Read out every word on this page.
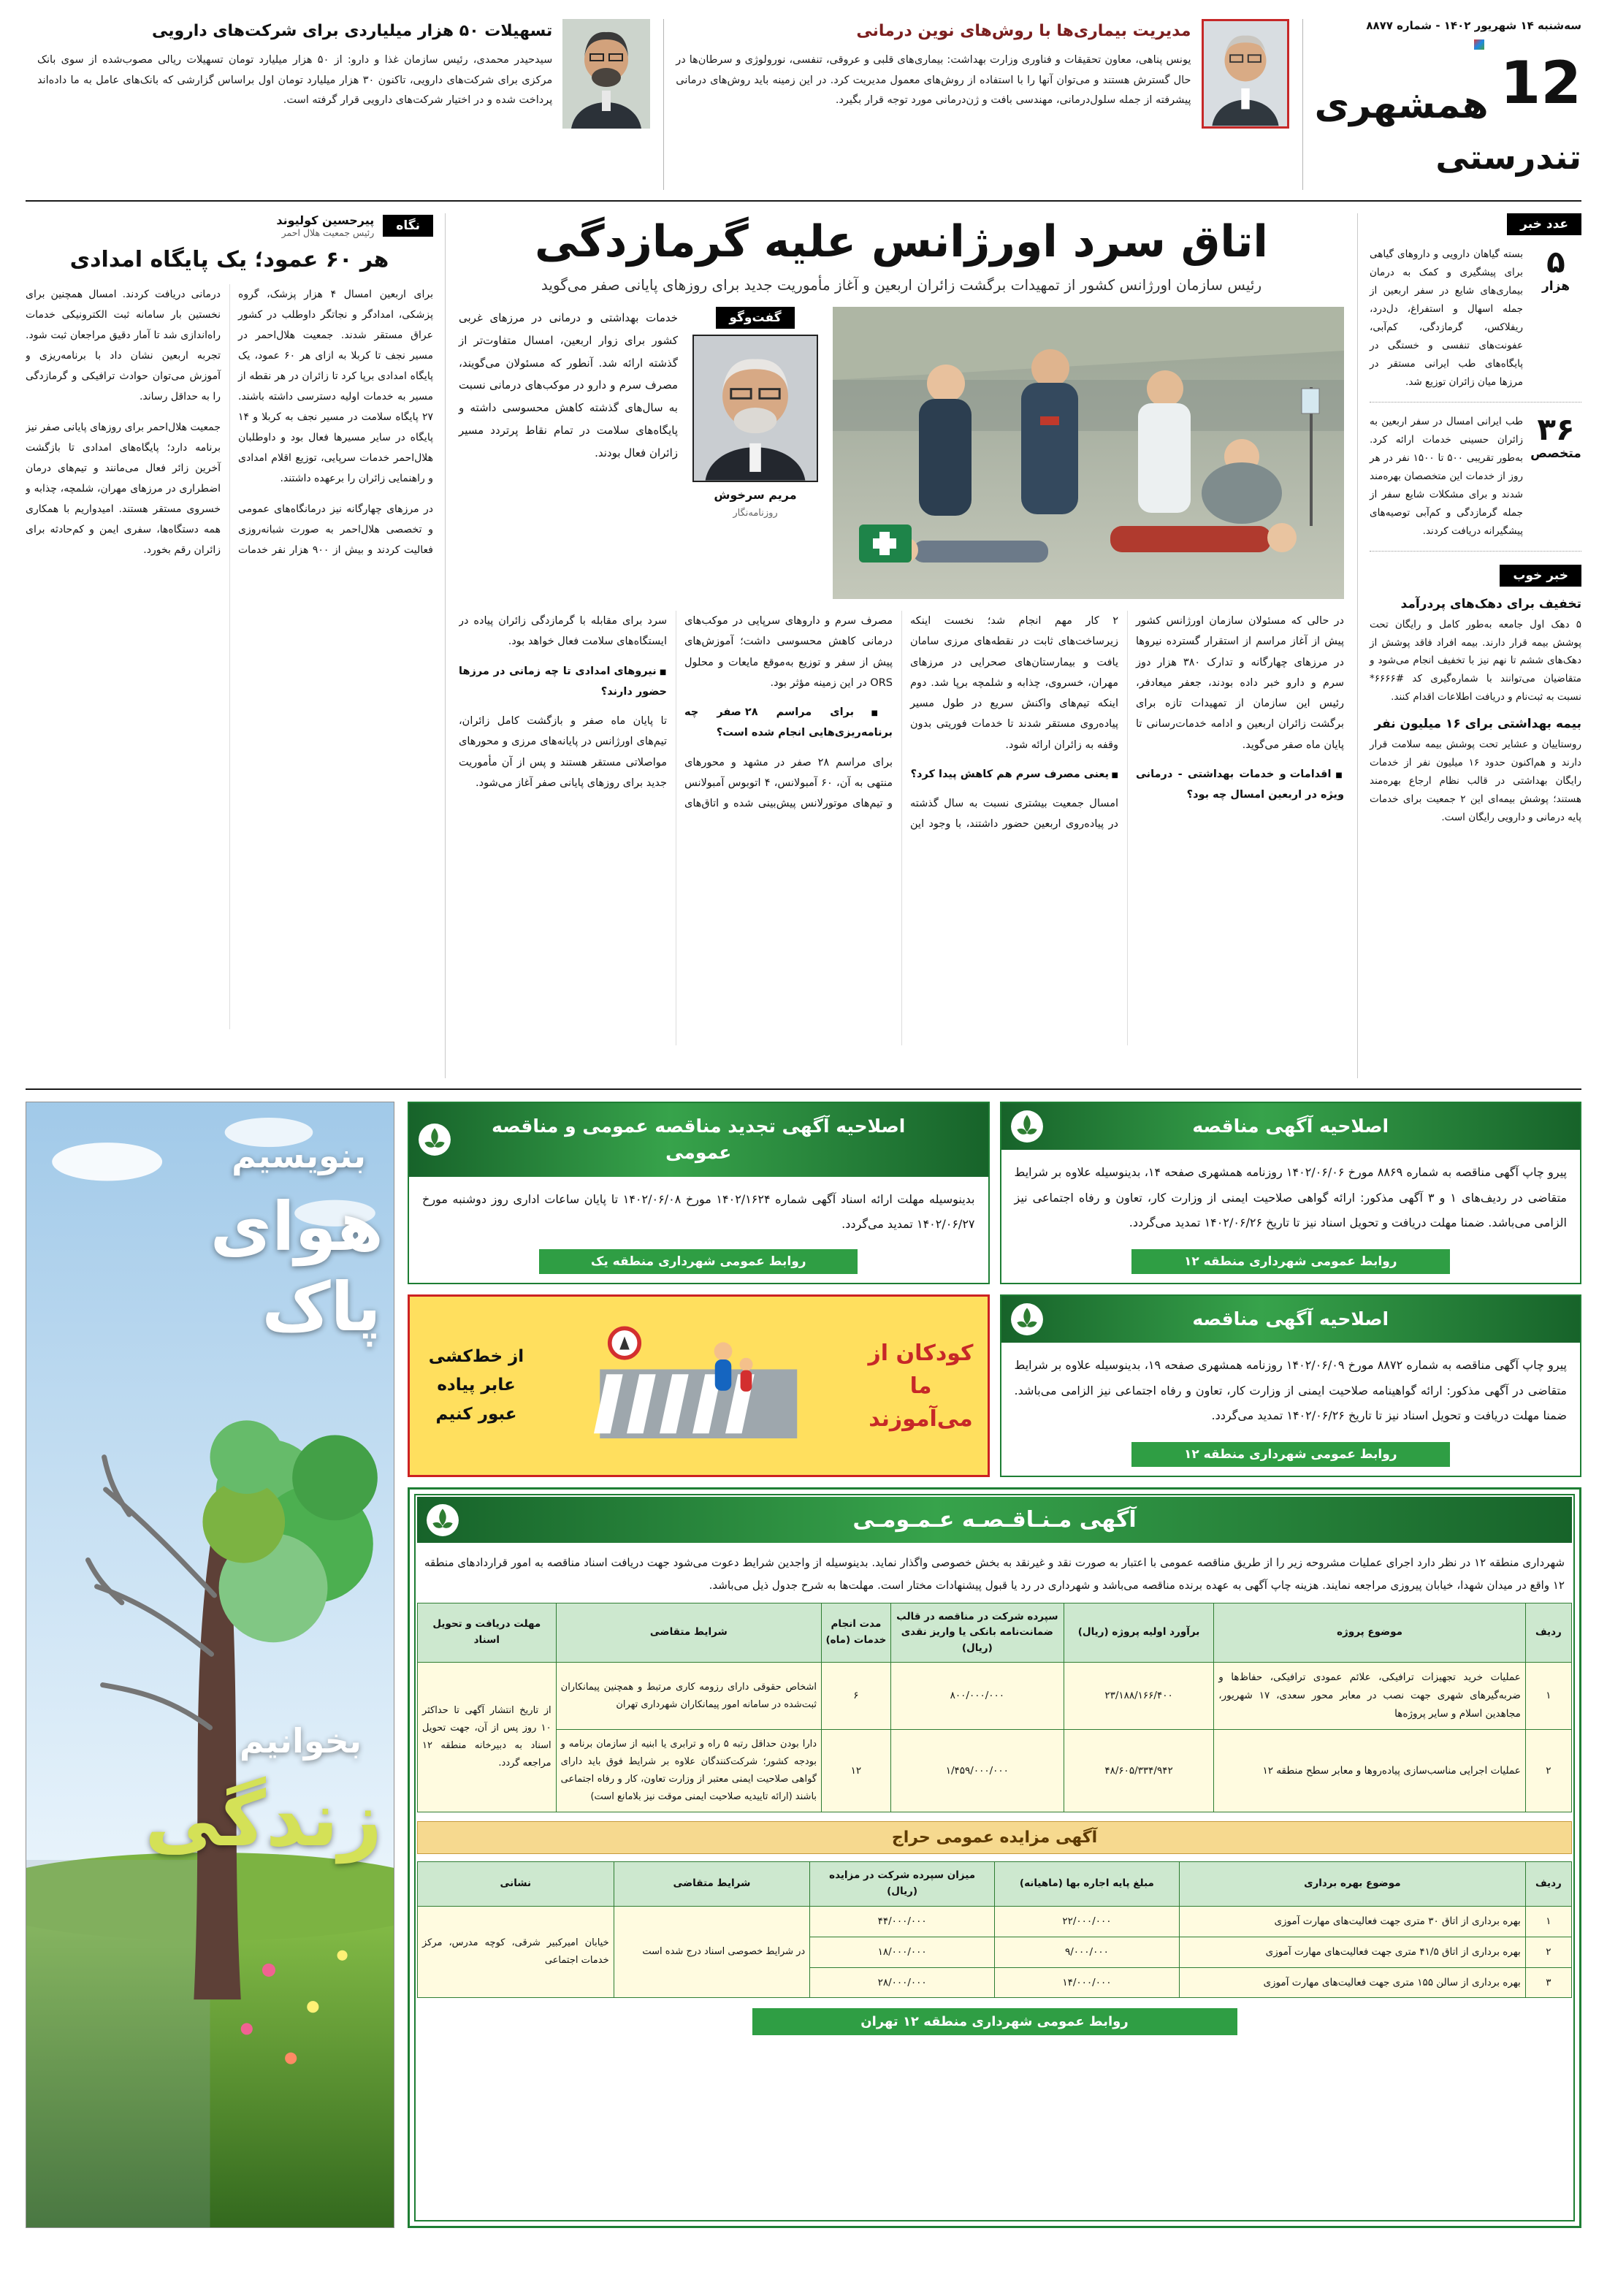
سه‌شنبه ۱۴ شهریور ۱۴۰۲ - شماره ۸۸۷۷
12
همشهری
تندرستی
مدیریت بیماری‌ها با روش‌های نوین درمانی

یونس پناهی، معاون تحقیقات و فناوری وزارت بهداشت: بیماری‌های قلبی و عروقی، تنفسی، نورولوژی و سرطان‌ها در حال گسترش هستند و می‌توان آنها را با استفاده از روش‌های معمول مدیریت کرد. در این زمینه باید روش‌های درمانی پیشرفته از جمله سلول‌درمانی، مهندسی بافت و ژن‌درمانی مورد توجه قرار بگیرد.

تسهیلات ۵۰ هزار میلیاردی برای شرکت‌های دارویی

سیدحیدر محمدی، رئیس سازمان غذا و دارو: از ۵۰ هزار میلیارد تومان تسهیلات ریالی مصوب‌شده از سوی بانک مرکزی برای شرکت‌های دارویی، تاکنون ۳۰ هزار میلیارد تومان اول براساس گزارشی که بانک‌های عامل به ما داده‌اند پرداخت شده و در اختیار شرکت‌های دارویی قرار گرفته است.

عدد خبر
۵
هزار

بسته گیاهان دارویی و داروهای گیاهی برای پیشگیری و کمک به درمان بیماری‌های شایع در سفر اربعین از جمله اسهال و استفراغ، دل‌درد، ریفلاکس، گرمازدگی، کم‌آبی، عفونت‌های تنفسی و خستگی در پایگاه‌های طب ایرانی مستقر در مرزها میان زائران توزیع شد.

۳۶
متخصص

طب ایرانی امسال در سفر اربعین به زائران حسینی خدمات ارائه کرد. به‌طور تقریبی ۵۰۰ تا ۱۵۰۰ نفر در هر روز از خدمات این متخصصان بهره‌مند شدند و برای مشکلات شایع سفر از جمله گرمازدگی و کم‌آبی توصیه‌های پیشگیرانه دریافت کردند.

خبر خوب
تخفیف برای دهک‌های پردرآمد

۵ دهک اول جامعه به‌طور کامل و رایگان تحت پوشش بیمه قرار دارند. بیمه افراد فاقد پوشش از دهک‌های ششم تا نهم نیز با تخفیف انجام می‌شود و متقاضیان می‌توانند با شماره‌گیری کد #۶۶۶۶* نسبت به ثبت‌نام و دریافت اطلاعات اقدام کنند.

بیمه بهداشتی برای ۱۶ میلیون نفر

روستاییان و عشایر تحت پوشش بیمه سلامت قرار دارند و هم‌اکنون حدود ۱۶ میلیون نفر از خدمات رایگان بهداشتی در قالب نظام ارجاع بهره‌مند هستند؛ پوشش بیمه‌ای این ۲ جمعیت برای خدمات پایه درمانی و دارویی رایگان است.

اتاق سرد اورژانس علیه گرمازدگی

رئیس سازمان اورژانس کشور از تمهیدات برگشت زائران اربعین و آغاز مأموریت جدید برای روزهای پایانی صفر می‌گوید

گفت‌وگو
مریم سرخوش
روزنامه‌نگار

خدمات بهداشتی و درمانی در مرزهای غربی کشور برای زوار اربعین، امسال متفاوت‌تر از گذشته ارائه شد. آنطور که مسئولان می‌گویند، مصرف سرم و دارو در موکب‌های درمانی نسبت به سال‌های گذشته کاهش محسوسی داشته و پایگاه‌های سلامت در تمام نقاط پرتردد مسیر زائران فعال بودند.

در حالی که مسئولان سازمان اورژانس کشور پیش از آغاز مراسم از استقرار گسترده نیروها در مرزهای چهارگانه و تدارک ۳۸۰ هزار دوز سرم و دارو خبر داده بودند، جعفر میعادفر، رئیس این سازمان از تمهیدات تازه برای برگشت زائران اربعین و ادامه خدمات‌رسانی تا پایان ماه صفر می‌گوید.

■ اقدامات و خدمات بهداشتی - درمانی ویژه در اربعین امسال چه بود؟

۲ کار مهم انجام شد؛ نخست اینکه زیرساخت‌های ثابت در نقطه‌های مرزی سامان یافت و بیمارستان‌های صحرایی در مرزهای مهران، خسروی، چذابه و شلمچه برپا شد. دوم اینکه تیم‌های واکنش سریع در طول مسیر پیاده‌روی مستقر شدند تا خدمات فوریتی بدون وقفه به زائران ارائه شود.

■ یعنی مصرف سرم هم کاهش پیدا کرد؟

امسال جمعیت بیشتری نسبت به سال گذشته در پیاده‌روی اربعین حضور داشتند، با وجود این مصرف سرم و داروهای سرپایی در موکب‌های درمانی کاهش محسوسی داشت؛ آموزش‌های پیش از سفر و توزیع به‌موقع مایعات و محلول ORS در این زمینه مؤثر بود.

■ برای مراسم ۲۸ صفر چه برنامه‌ریزی‌هایی انجام شده است؟

برای مراسم ۲۸ صفر در مشهد و محورهای منتهی به آن، ۶۰ آمبولانس، ۴ اتوبوس آمبولانس و تیم‌های موتورلانس پیش‌بینی شده و اتاق‌های سرد برای مقابله با گرمازدگی زائران پیاده در ایستگاه‌های سلامت فعال خواهد بود.

■ نیروهای امدادی تا چه زمانی در مرزها حضور دارند؟

تا پایان ماه صفر و بازگشت کامل زائران، تیم‌های اورژانس در پایانه‌های مرزی و محورهای مواصلاتی مستقر هستند و پس از آن مأموریت جدید برای روزهای پایانی صفر آغاز می‌شود.

نگاه
پیرحسین کولیوند
رئیس جمعیت هلال احمر
هر ۶۰ عمود؛ یک پایگاه امدادی

برای اربعین امسال ۴ هزار پزشک، گروه پزشکی، امدادگر و نجاتگر داوطلب در کشور عراق مستقر شدند. جمعیت هلال‌احمر در مسیر نجف تا کربلا به ازای هر ۶۰ عمود، یک پایگاه امدادی برپا کرد تا زائران در هر نقطه از مسیر به خدمات اولیه دسترسی داشته باشند. ۲۷ پایگاه سلامت در مسیر نجف به کربلا و ۱۴ پایگاه در سایر مسیرها فعال بود و داوطلبان هلال‌احمر خدمات سرپایی، توزیع اقلام امدادی و راهنمایی زائران را برعهده داشتند.

در مرزهای چهارگانه نیز درمانگاه‌های عمومی و تخصصی هلال‌احمر به صورت شبانه‌روزی فعالیت کردند و بیش از ۹۰۰ هزار نفر خدمات درمانی دریافت کردند. امسال همچنین برای نخستین بار سامانه ثبت الکترونیکی خدمات راه‌اندازی شد تا آمار دقیق مراجعان ثبت شود. تجربه اربعین نشان داد با برنامه‌ریزی و آموزش می‌توان حوادث ترافیکی و گرمازدگی را به حداقل رساند.

جمعیت هلال‌احمر برای روزهای پایانی صفر نیز برنامه دارد؛ پایگاه‌های امدادی تا بازگشت آخرین زائر فعال می‌مانند و تیم‌های درمان اضطراری در مرزهای مهران، شلمچه، چذابه و خسروی مستقر هستند. امیدواریم با همکاری همه دستگاه‌ها، سفری ایمن و کم‌حادثه برای زائران رقم بخورد.

اصلاحیه آگهی مناقصه
پیرو چاپ آگهی مناقصه به شماره ۸۸۶۹ مورخ ۱۴۰۲/۰۶/۰۶ روزنامه همشهری صفحه ۱۴، بدینوسیله علاوه بر شرایط متقاضی در ردیف‌های ۱ و ۳ آگهی مذکور: ارائه گواهی صلاحیت ایمنی از وزارت کار، تعاون و رفاه اجتماعی نیز الزامی می‌باشد. ضمنا مهلت دریافت و تحویل اسناد نیز تا تاریخ ۱۴۰۲/۰۶/۲۶ تمدید می‌گردد.
روابط عمومی شهرداری منطقه ۱۲
اصلاحیه آگهی تجدید مناقصه عمومی و مناقصه عمومی
بدینوسیله مهلت ارائه اسناد آگهی شماره ۱۴۰۲/۱۶۲۴ مورخ ۱۴۰۲/۰۶/۰۸ تا پایان ساعات اداری روز دوشنبه مورخ ۱۴۰۲/۰۶/۲۷ تمدید می‌گردد.
روابط عمومی شهرداری منطقه یک
اصلاحیه آگهی مناقصه
پیرو چاپ آگهی مناقصه به شماره ۸۸۷۲ مورخ ۱۴۰۲/۰۶/۰۹ روزنامه همشهری صفحه ۱۹، بدینوسیله علاوه بر شرایط متقاضی در آگهی مذکور: ارائه گواهینامه صلاحیت ایمنی از وزارت کار، تعاون و رفاه اجتماعی نیز الزامی می‌باشد. ضمنا مهلت دریافت و تحویل اسناد نیز تا تاریخ ۱۴۰۲/۰۶/۲۶ تمدید می‌گردد.
روابط عمومی شهرداری منطقه ۱۲
کودکان از ما می‌آموزند
از خط‌کشی عابر پیاده عبور کنیم
آگهی مـنـاقـصـه عـمـومـی

شهرداری منطقه ۱۲ در نظر دارد اجرای عملیات مشروحه زیر را از طریق مناقصه عمومی با اعتبار به صورت نقد و غیرنقد به بخش خصوصی واگذار نماید. بدینوسیله از واجدین شرایط دعوت می‌شود جهت دریافت اسناد مناقصه به امور قراردادهای منطقه ۱۲ واقع در میدان شهدا، خیابان پیروزی مراجعه نمایند. هزینه چاپ آگهی به عهده برنده مناقصه می‌باشد و شهرداری در رد یا قبول پیشنهادات مختار است. مهلت‌ها به شرح جدول ذیل می‌باشد.

ردیف	موضوع پروژه	برآورد اولیه پروژه (ریال)	سپرده شرکت در مناقصه در قالب ضمانت‌نامه بانکی یا واریز نقدی (ریال)	مدت انجام خدمات (ماه)	شرایط متقاضی	مهلت دریافت و تحویل اسناد
۱	عملیات خرید تجهیزات ترافیکی، علائم عمودی ترافیکی، حفاظ‌ها و ضربه‌گیرهای شهری جهت نصب در معابر محور سعدی، ۱۷ شهریور، مجاهدین اسلام و سایر پروژه‌ها	۲۳/۱۸۸/۱۶۶/۴۰۰	۸۰۰/۰۰۰/۰۰۰	۶	اشخاص حقوقی دارای رزومه کاری مرتبط و همچنین پیمانکاران ثبت‌شده در سامانه امور پیمانکاران شهرداری تهران	از تاریخ انتشار آگهی تا حداکثر ۱۰ روز پس از آن، جهت تحویل اسناد به دبیرخانه منطقه ۱۲ مراجعه گردد.
۲	عملیات اجرایی مناسب‌سازی پیاده‌روها و معابر سطح منطقه ۱۲	۴۸/۶۰۵/۳۳۴/۹۴۲	۱/۴۵۹/۰۰۰/۰۰۰	۱۲	دارا بودن حداقل رتبه ۵ راه و ترابری یا ابنیه از سازمان برنامه و بودجه کشور؛ شرکت‌کنندگان علاوه بر شرایط فوق باید دارای گواهی صلاحیت ایمنی معتبر از وزارت تعاون، کار و رفاه اجتماعی باشند (ارائه تاییدیه صلاحیت ایمنی موقت نیز بلامانع است)	
آگهی مزایده عمومی حراج
ردیف	موضوع بهره برداری	مبلغ پایه اجاره بها (ماهیانه)	میزان سپرده شرکت در مزایده (ریال)	شرایط متقاضی	نشانی
۱	بهره برداری از اتاق ۳۰ متری جهت فعالیت‌های مهارت آموزی	۲۲/۰۰۰/۰۰۰	۴۴/۰۰۰/۰۰۰	در شرایط خصوصی اسناد درج شده است	خیابان امیرکبیر شرقی، کوچه مدرس، مرکز خدمات اجتماعی
۲	بهره برداری از اتاق ۴۱/۵ متری جهت فعالیت‌های مهارت آموزی	۹/۰۰۰/۰۰۰	۱۸/۰۰۰/۰۰۰		
۳	بهره برداری از سالن ۱۵۵ متری جهت فعالیت‌های مهارت آموزی	۱۴/۰۰۰/۰۰۰	۲۸/۰۰۰/۰۰۰		
روابط عمومی شهرداری منطقه ۱۲ تهران
بنویسیم
هوای پاک
بخوانیم
زندگی
